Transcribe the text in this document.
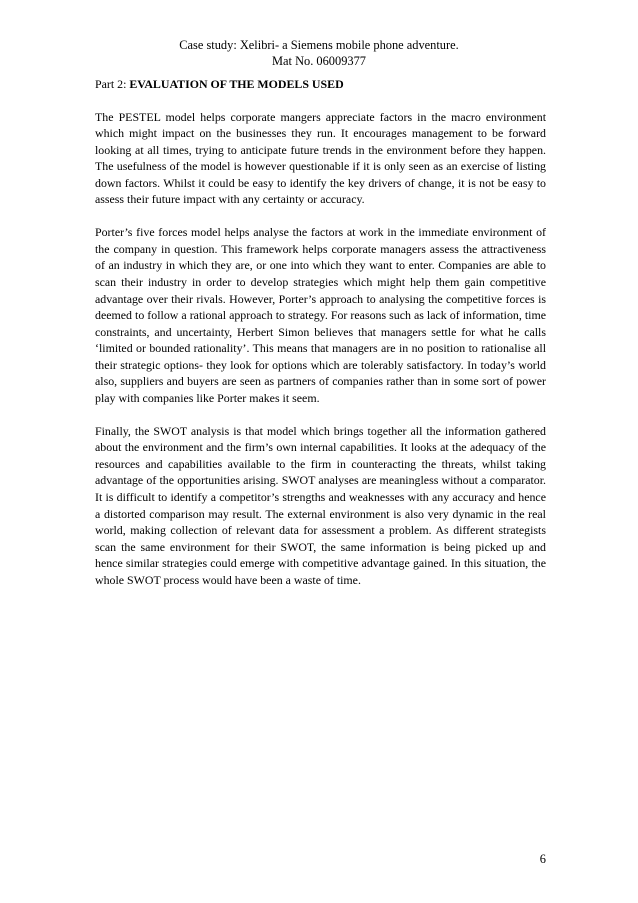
Case study: Xelibri- a Siemens mobile phone adventure.
Mat No. 06009377
Part 2: EVALUATION OF THE MODELS USED

The PESTEL model helps corporate mangers appreciate factors in the macro environment which might impact on the businesses they run. It encourages management to be forward looking at all times, trying to anticipate future trends in the environment before they happen. The usefulness of the model is however questionable if it is only seen as an exercise of listing down factors. Whilst it could be easy to identify the key drivers of change, it is not be easy to assess their future impact with any certainty or accuracy.

Porter’s five forces model helps analyse the factors at work in the immediate environment of the company in question. This framework helps corporate managers assess the attractiveness of an industry in which they are, or one into which they want to enter. Companies are able to scan their industry in order to develop strategies which might help them gain competitive advantage over their rivals. However, Porter’s approach to analysing the competitive forces is deemed to follow a rational approach to strategy. For reasons such as lack of information, time constraints, and uncertainty, Herbert Simon believes that managers settle for what he calls ‘limited or bounded rationality’. This means that managers are in no position to rationalise all their strategic options- they look for options which are tolerably satisfactory. In today’s world also, suppliers and buyers are seen as partners of companies rather than in some sort of power play with companies like Porter makes it seem.

Finally, the SWOT analysis is that model which brings together all the information gathered about the environment and the firm’s own internal capabilities. It looks at the adequacy of the resources and capabilities available to the firm in counteracting the threats, whilst taking advantage of the opportunities arising. SWOT analyses are meaningless without a comparator. It is difficult to identify a competitor’s strengths and weaknesses with any accuracy and hence a distorted comparison may result. The external environment is also very dynamic in the real world, making collection of relevant data for assessment a problem. As different strategists scan the same environment for their SWOT, the same information is being picked up and hence similar strategies could emerge with competitive advantage gained. In this situation, the whole SWOT process would have been a waste of time.

6
